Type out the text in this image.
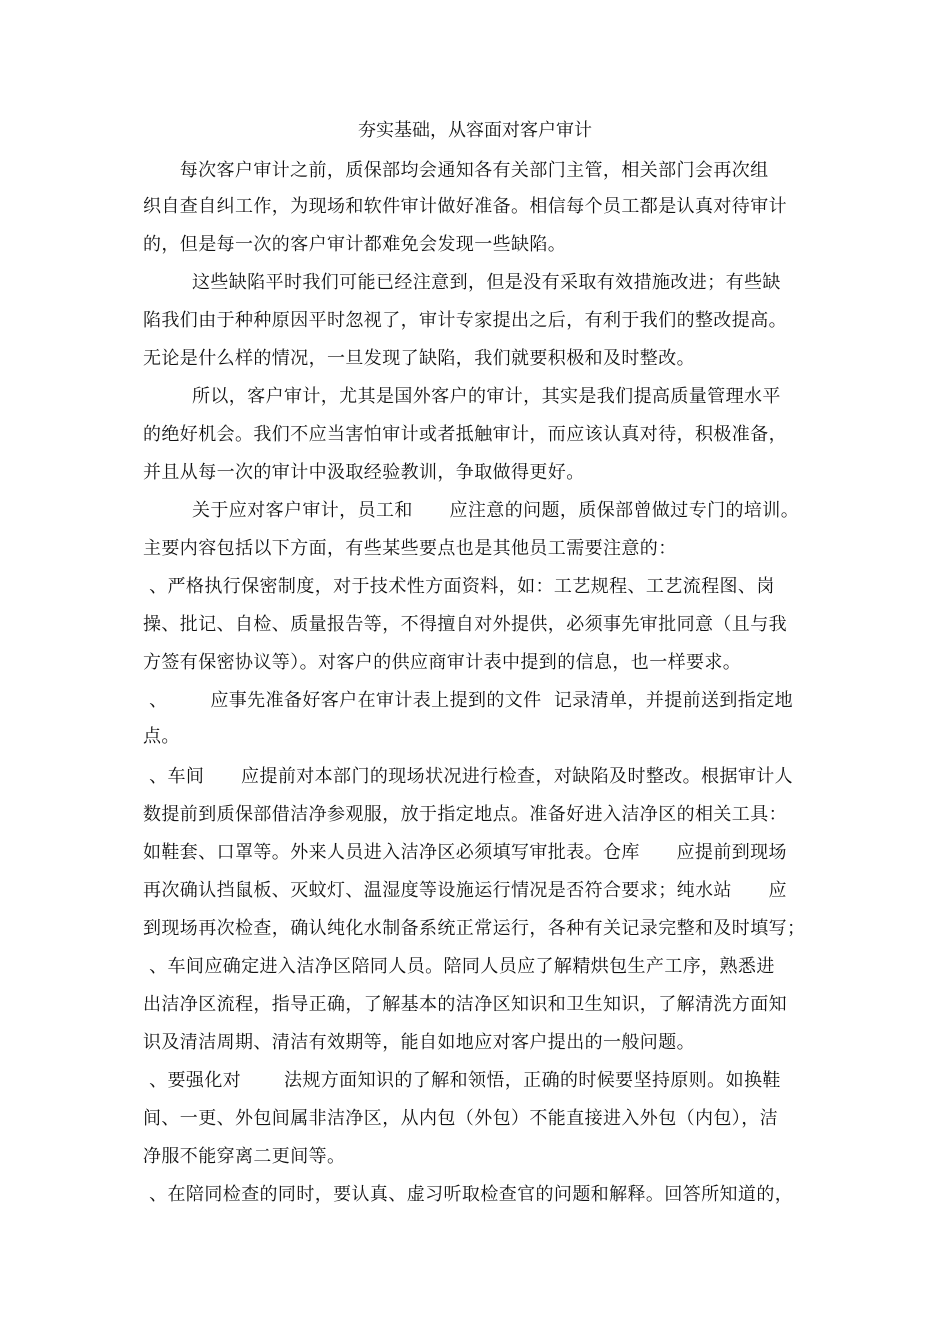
夯实基础，从容面对客户审计
每次客户审计之前，质保部均会通知各有关部门主管，相关部门会再次组
织自查自纠工作，为现场和软件审计做好准备。相信每个员工都是认真对待审计
的，但是每一次的客户审计都难免会发现一些缺陷。
这些缺陷平时我们可能已经注意到，但是没有采取有效措施改进；有些缺
陷我们由于种种原因平时忽视了，审计专家提出之后，有利于我们的整改提高。
无论是什么样的情况，一旦发现了缺陷，我们就要积极和及时整改。
所以，客户审计，尤其是国外客户的审计，其实是我们提高质量管理水平
的绝好机会。我们不应当害怕审计或者抵触审计，而应该认真对待，积极准备，
并且从每一次的审计中汲取经验教训，争取做得更好。
关于应对客户审计，员工和      应注意的问题，质保部曾做过专门的培训。
主要内容包括以下方面，有些某些要点也是其他员工需要注意的：
、严格执行保密制度，对于技术性方面资料，如：工艺规程、工艺流程图、岗
操、批记、自检、质量报告等，不得擅自对外提供，必须事先审批同意（且与我
方签有保密协议等）。对客户的供应商审计表中提到的信息，也一样要求。
、       应事先准备好客户在审计表上提到的文件  记录清单，并提前送到指定地
点。
、车间      应提前对本部门的现场状况进行检查，对缺陷及时整改。根据审计人
数提前到质保部借洁净参观服，放于指定地点。准备好进入洁净区的相关工具：
如鞋套、口罩等。外来人员进入洁净区必须填写审批表。仓库      应提前到现场
再次确认挡鼠板、灭蚊灯、温湿度等设施运行情况是否符合要求；纯水站      应
到现场再次检查，确认纯化水制备系统正常运行，各种有关记录完整和及时填写；
、车间应确定进入洁净区陪同人员。陪同人员应了解精烘包生产工序，熟悉进
出洁净区流程，指导正确，了解基本的洁净区知识和卫生知识，了解清洗方面知
识及清洁周期、清洁有效期等，能自如地应对客户提出的一般问题。
、要强化对       法规方面知识的了解和领悟，正确的时候要坚持原则。如换鞋
间、一更、外包间属非洁净区，从内包（外包）不能直接进入外包（内包），洁
净服不能穿离二更间等。
、在陪同检查的同时，要认真、虚习听取检查官的问题和解释。回答所知道的，
